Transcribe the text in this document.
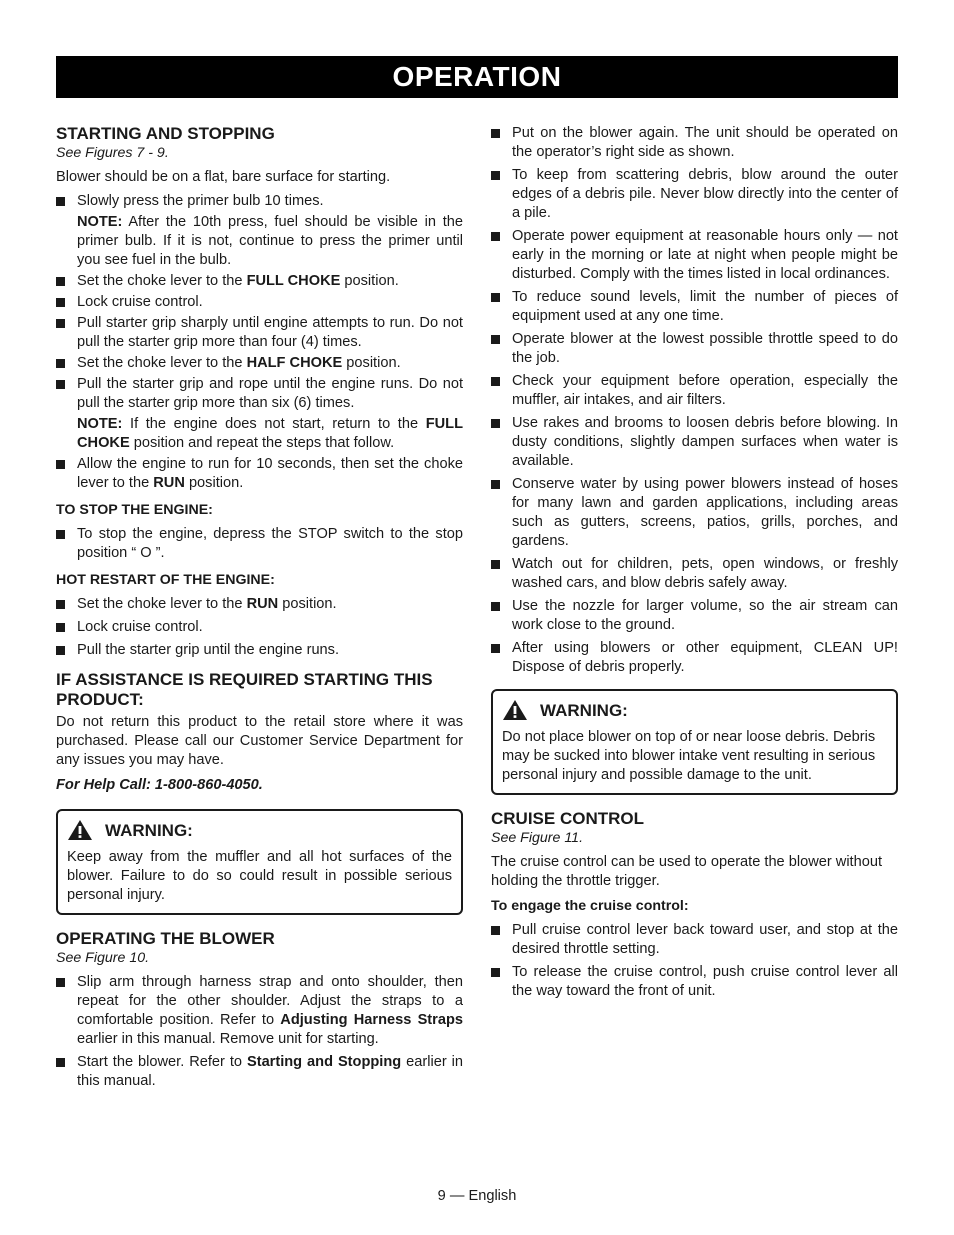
OPERATION
STARTING AND STOPPING
See Figures 7 - 9.

Blower should be on a flat, bare surface for starting.

Slowly press the primer bulb 10 times.
NOTE: After the 10th press, fuel should be visible in the primer bulb. If it is not, continue to press the primer until you see fuel in the bulb.
Set the choke lever to the FULL CHOKE position.
Lock cruise control.
Pull starter grip sharply until engine attempts to run. Do not pull the starter grip more than four (4) times.
Set the choke lever to the HALF CHOKE position.
Pull the starter grip and rope until the engine runs. Do not pull the starter grip more than six (6) times.
NOTE: If the engine does not start, return to the FULL CHOKE position and repeat the steps that follow.
Allow the engine to run for 10 seconds, then set the choke lever to the RUN position.
TO STOP THE ENGINE:
To stop the engine, depress the STOP switch to the stop position “ O ”.
HOT RESTART OF THE ENGINE:
Set the choke lever to the RUN position.
Lock cruise control.
Pull the starter grip until the engine runs.
IF ASSISTANCE IS REQUIRED STARTING THIS PRODUCT:

Do not return this product to the retail store where it was purchased. Please call our Customer Service Department for any issues you may have.

For Help Call: 1-800-860-4050.
WARNING:

Keep away from the muffler and all hot surfaces of the blower. Failure to do so could result in possible serious personal injury.

OPERATING THE BLOWER
See Figure 10.
Slip arm through harness strap and onto shoulder, then repeat for the other shoulder. Adjust the straps to a comfortable position. Refer to Adjusting Harness Straps earlier in this manual. Remove unit for starting.
Start the blower. Refer to Starting and Stopping earlier in this manual.
Put on the blower again. The unit should be operated on the operator’s right side as shown.
To keep from scattering debris, blow around the outer edges of a debris pile. Never blow directly into the center of a pile.
Operate power equipment at reasonable hours only — not early in the morning or late at night when people might be disturbed. Comply with the times listed in local ordinances.
To reduce sound levels, limit the number of pieces of equipment used at any one time.
Operate blower at the lowest possible throttle speed to do the job.
Check your equipment before operation, especially the muffler, air intakes, and air filters.
Use rakes and brooms to loosen debris before blowing. In dusty conditions, slightly dampen surfaces when water is available.
Conserve water by using power blowers instead of hoses for many lawn and garden applications, including areas such as gutters, screens, patios, grills, porches, and gardens.
Watch out for children, pets, open windows, or freshly washed cars, and blow debris safely away.
Use the nozzle for larger volume, so the air stream can work close to the ground.
After using blowers or other equipment, CLEAN UP! Dispose of debris properly.
WARNING:

Do not place blower on top of or near loose debris. Debris may be sucked into blower intake vent resulting in serious personal injury and possible damage to the unit.

CRUISE CONTROL
See Figure 11.

The cruise control can be used to operate the blower without holding the throttle trigger.

To engage the cruise control:
Pull cruise control lever back toward user, and stop at the desired throttle setting.
To release the cruise control, push cruise control lever all the way toward the front of unit.
9 — English
